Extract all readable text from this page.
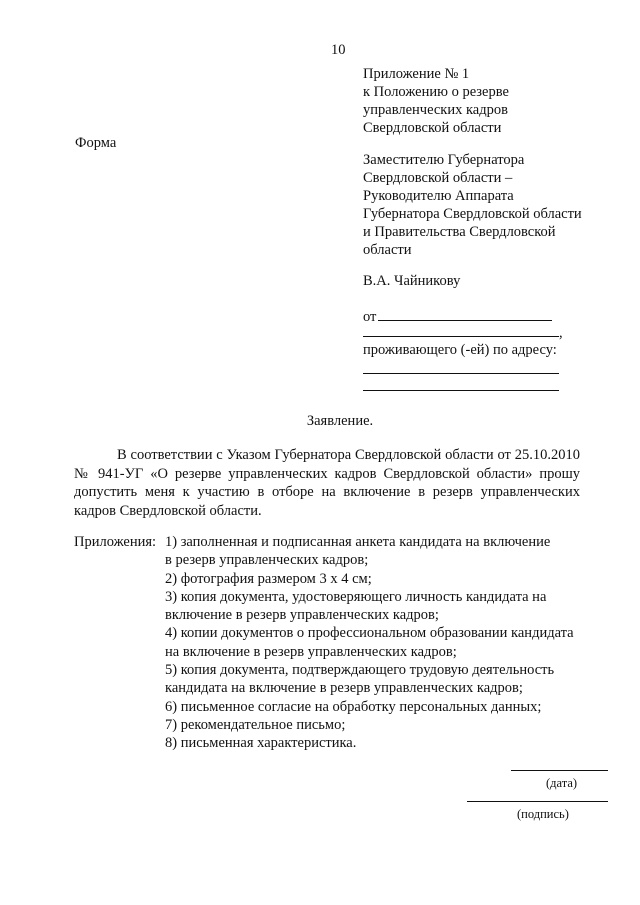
10
Приложение № 1
к Положению о резерве
управленческих кадров
Свердловской области
Форма
Заместителю Губернатора
Свердловской области –
Руководителю Аппарата
Губернатора Свердловской области
и Правительства Свердловской
области
В.А. Чайникову
от
,
проживающего (-ей) по адресу:
Заявление.
В соответствии с Указом Губернатора Свердловской области от 25.10.2010 № 941-УГ «О резерве управленческих кадров Свердловской области» прошу допустить меня к участию в отборе на включение в резерв управленческих кадров Свердловской области.
Приложения: 1) заполненная и подписанная анкета кандидата на включение
в резерв управленческих кадров;
2) фотография размером 3 х 4 см;
3) копия документа, удостоверяющего личность кандидата на
включение в резерв управленческих кадров;
4) копии документов о профессиональном образовании кандидата
на включение в резерв управленческих кадров;
5) копия документа, подтверждающего трудовую деятельность
кандидата на включение в резерв управленческих кадров;
6) письменное согласие на обработку персональных данных;
7) рекомендательное письмо;
8) письменная характеристика.
(дата)
(подпись)
